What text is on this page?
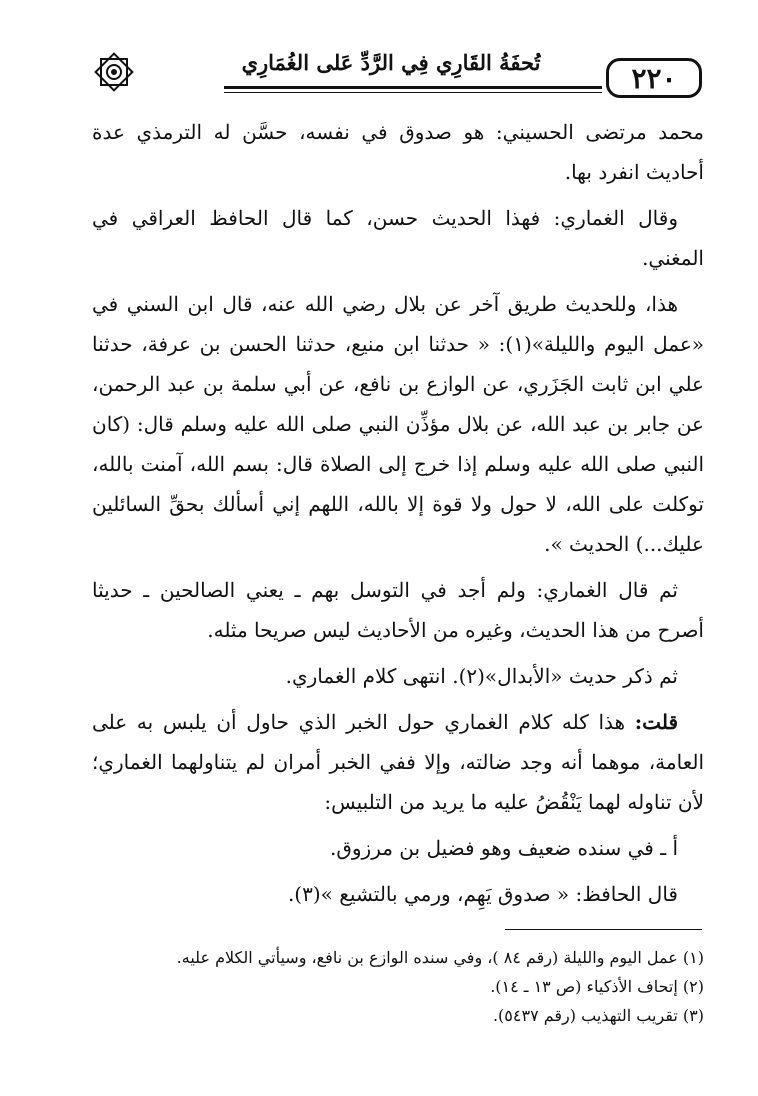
تُحفَةُ القَارِي فِي الرَّدِّ عَلى الغُمَارِي	٢٢٠

محمد مرتضى الحسيني: هو صدوق في نفسه، حسَّن له الترمذي عدة أحاديث انفرد بها.

وقال الغماري: فهذا الحديث حسن، كما قال الحافظ العراقي في المغني.

هذا، وللحديث طريق آخر عن بلال رضي الله عنه، قال ابن السني في «عمل اليوم والليلة»(١): « حدثنا ابن منيع، حدثنا الحسن بن عرفة، حدثنا علي ابن ثابت الجَزَري، عن الوازع بن نافع، عن أبي سلمة بن عبد الرحمن، عن جابر بن عبد الله، عن بلال مؤذِّن النبي صلى الله عليه وسلم قال: (كان النبي صلى الله عليه وسلم إذا خرج إلى الصلاة قال: بسم الله، آمنت بالله، توكلت على الله، لا حول ولا قوة إلا بالله، اللهم إني أسألك بحقِّ السائلين عليك...) الحديث ».

ثم قال الغماري: ولم أجد في التوسل بهم ـ يعني الصالحين ـ حديثا أصرح من هذا الحديث، وغيره من الأحاديث ليس صريحا مثله.

ثم ذكر حديث «الأبدال»(٢). انتهى كلام الغماري.

قلت: هذا كله كلام الغماري حول الخبر الذي حاول أن يلبس به على العامة، موهما أنه وجد ضالته، وإلا ففي الخبر أمران لم يتناولهما الغماري؛ لأن تناوله لهما يَنْقُضُ عليه ما يريد من التلبيس:

أ ـ في سنده ضعيف وهو فضيل بن مرزوق.

قال الحافظ: « صدوق يَهِم، ورمي بالتشيع »(٣).

(١) عمل اليوم والليلة (رقم ٨٤ )، وفي سنده الوازع بن نافع، وسيأتي الكلام عليه.

(٢) إتحاف الأذكياء (ص ١٣ ـ ١٤).

(٣) تقريب التهذيب (رقم ٥٤٣٧).
